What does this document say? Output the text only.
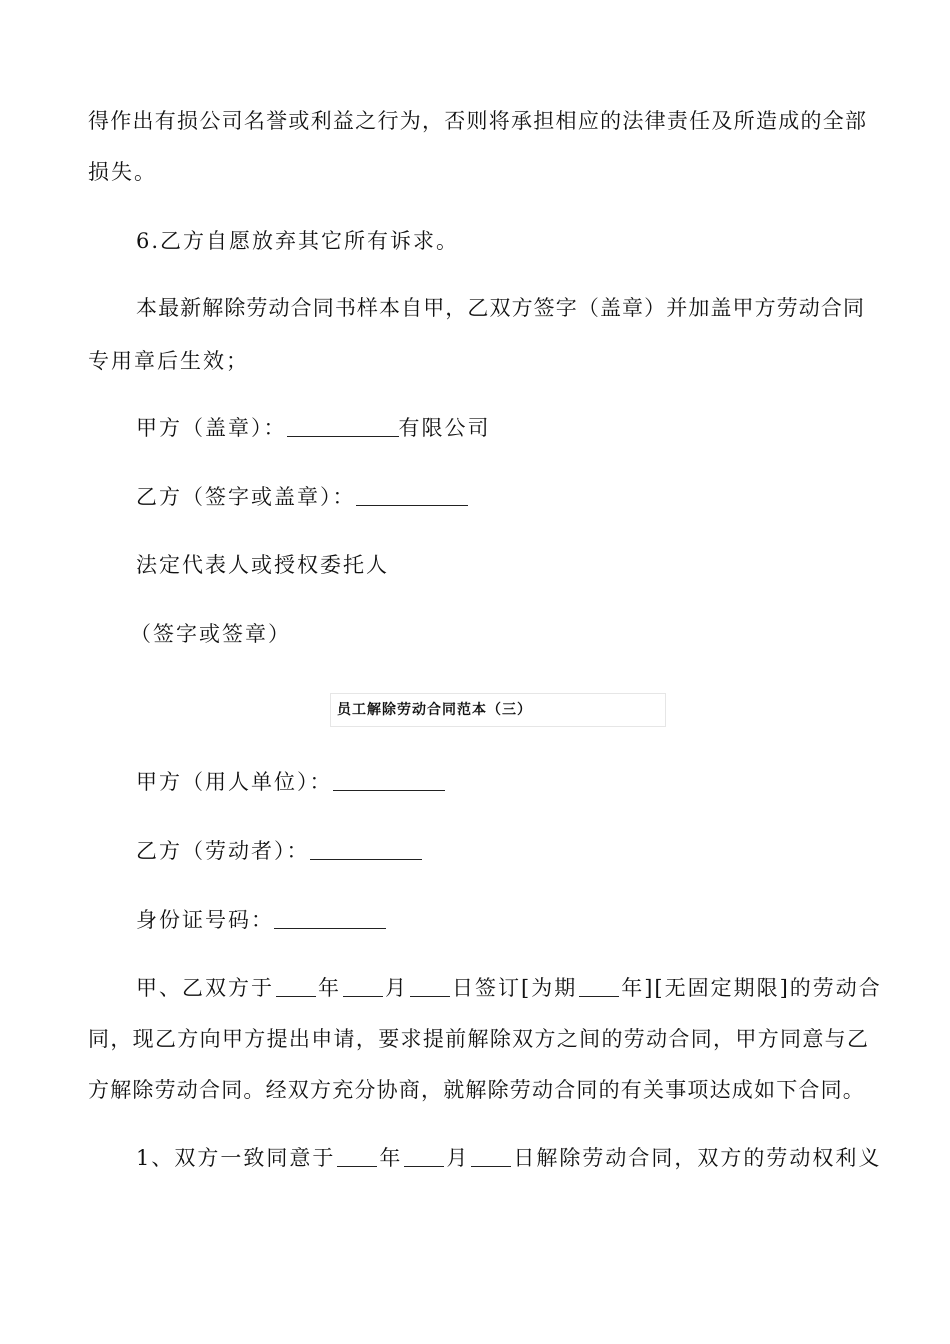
得作出有损公司名誉或利益之行为，否则将承担相应的法律责任及所造成的全部
损失。
6.乙方自愿放弃其它所有诉求。
本最新解除劳动合同书样本自甲，乙双方签字（盖章）并加盖甲方劳动合同
专用章后生效；
甲方（盖章）：	有限公司
乙方（签字或盖章）：
法定代表人或授权委托人
（签字或签章）
员工解除劳动合同范本（三）
甲方（用人单位）：
乙方（劳动者）：
身份证号码：
甲、乙双方于 年 月 日签订[为期 年][无固定期限]的劳动合
同，现乙方向甲方提出申请，要求提前解除双方之间的劳动合同，甲方同意与乙
方解除劳动合同。经双方充分协商，就解除劳动合同的有关事项达成如下合同。
1、双方一致同意于 年 月 日解除劳动合同，双方的劳动权利义
